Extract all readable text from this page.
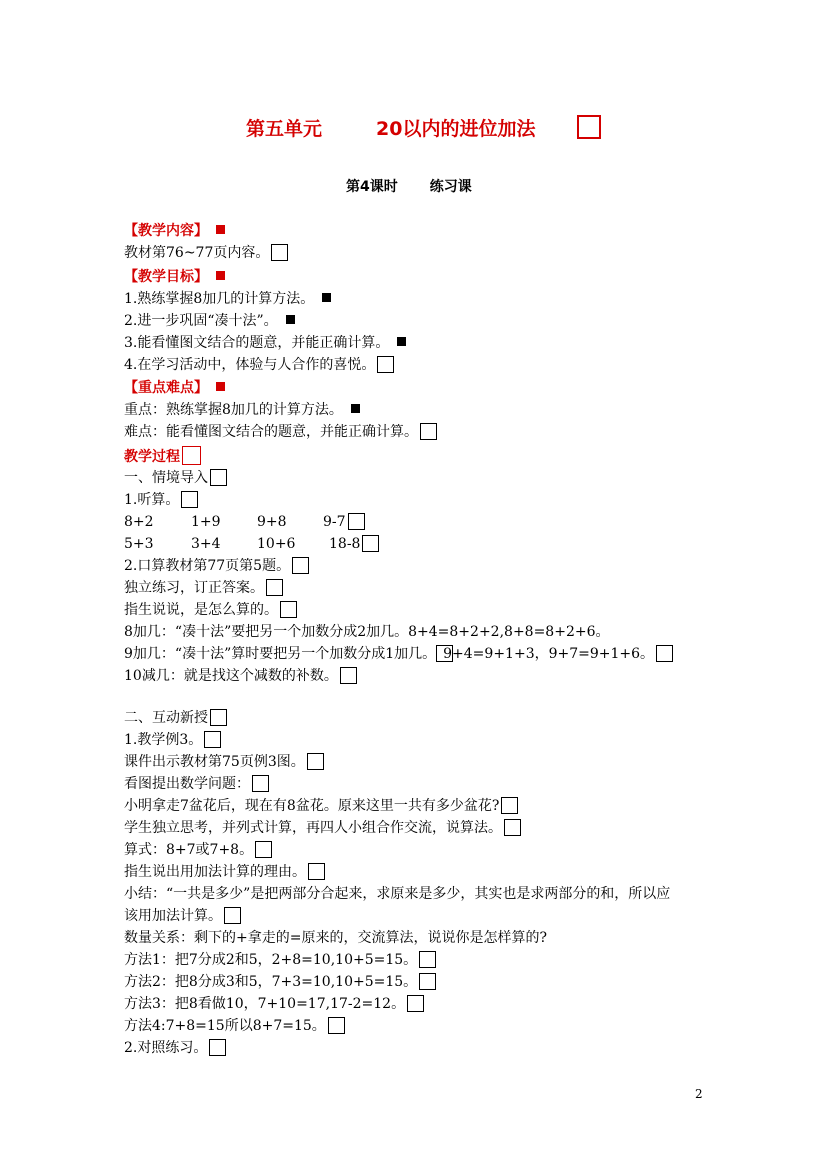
第五单元	20以内的进位加法
第4课时 练习课
【教学内容】
教材第76~77页内容。
【教学目标】
1.熟练掌握8加几的计算方法。
2.进一步巩固“凑十法”。
3.能看懂图文结合的题意，并能正确计算。
4.在学习活动中，体验与人合作的喜悦。
【重点难点】
重点：熟练掌握8加几的计算方法。
难点：能看懂图文结合的题意，并能正确计算。
教学过程
一、情境导入
1.听算。
8+2	1+9	9+8	9-7
5+3	3+4	10+6 18-8
2.口算教材第77页第5题。
独立练习，订正答案。
指生说说，是怎么算的。
8加几：“凑十法”要把另一个加数分成2加几。8+4=8+2+2,8+8=8+2+6。
9加几：“凑十法”算时要把另一个加数分成1加几。 9+4=9+1+3，9+7=9+1+6。
10减几：就是找这个减数的补数。
二、互动新授
1.教学例3。
课件出示教材第75页例3图。
看图提出数学问题：
小明拿走7盆花后，现在有8盆花。原来这里一共有多少盆花?
学生独立思考，并列式计算，再四人小组合作交流，说算法。
算式：8+7或7+8。
指生说出用加法计算的理由。
小结：“一共是多少”是把两部分合起来，求原来是多少，其实也是求两部分的和，所以应
该用加法计算。
数量关系：剩下的+拿走的=原来的，交流算法，说说你是怎样算的?
方法1：把7分成2和5，2+8=10,10+5=15。
方法2：把8分成3和5，7+3=10,10+5=15。
方法3：把8看做10，7+10=17,17-2=12。
方法4:7+8=15所以8+7=15。
2.对照练习。
2
